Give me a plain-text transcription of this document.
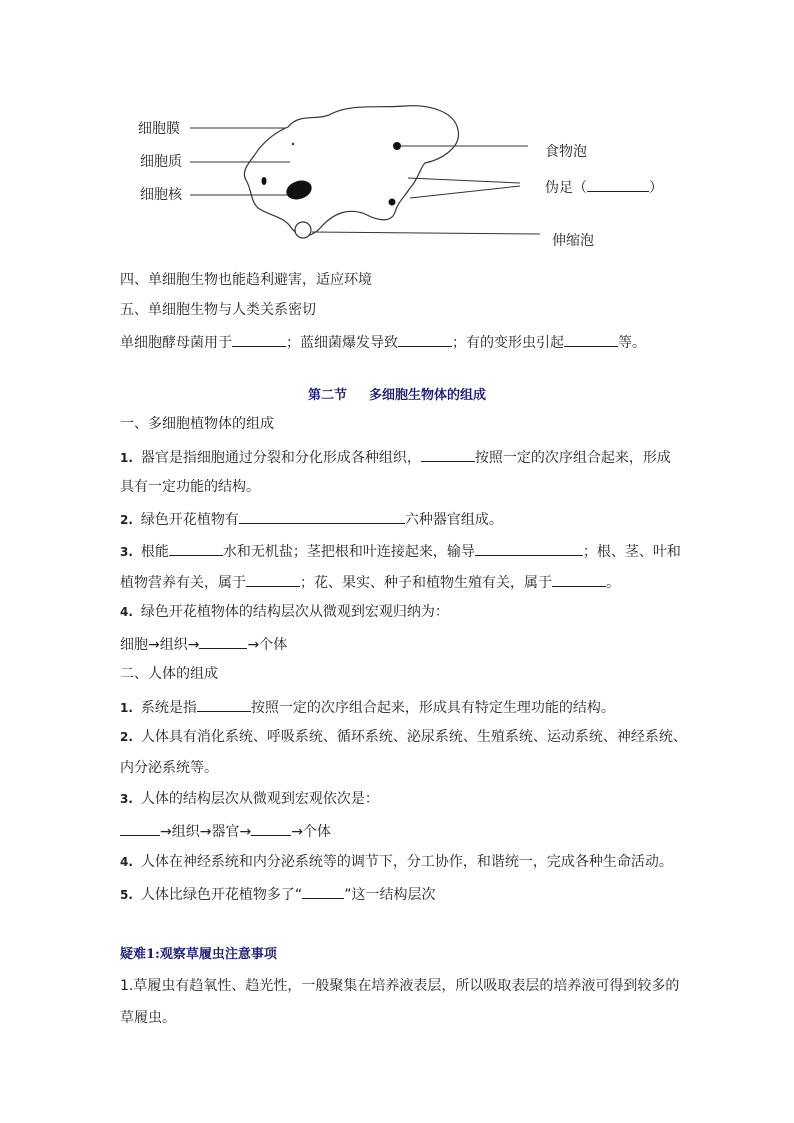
细胞膜
细胞质
细胞核
食物泡
伪足（	）
伸缩泡
四、单细胞生物也能趋利避害，适应环境
五、单细胞生物与人类关系密切
单细胞酵母菌用于	；蓝细菌爆发导致	；有的变形虫引起	等。
第二节 多细胞生物体的组成
一、多细胞植物体的组成
1. 器官是指细胞通过分裂和分化形成各种组织，	按照一定的次序组合起来，形成
具有一定功能的结构。
2. 绿色开花植物有	六种器官组成。
3. 根能	水和无机盐；茎把根和叶连接起来，输导	；根、茎、叶和
植物营养有关，属于	；花、果实、种子和植物生殖有关，属于	。
4. 绿色开花植物体的结构层次从微观到宏观归纳为：
细胞→组织→	→个体
二、人体的组成
1. 系统是指	按照一定的次序组合起来，形成具有特定生理功能的结构。
2. 人体具有消化系统、呼吸系统、循环系统、泌尿系统、生殖系统、运动系统、神经系统、
内分泌系统等。
3. 人体的结构层次从微观到宏观依次是：
→组织→器官→	→个体
4. 人体在神经系统和内分泌系统等的调节下，分工协作，和谐统一，完成各种生命活动。
5. 人体比绿色开花植物多了“	”这一结构层次
疑难1:观察草履虫注意事项
1.草履虫有趋氧性、趋光性，一般聚集在培养液表层，所以吸取表层的培养液可得到较多的
草履虫。
